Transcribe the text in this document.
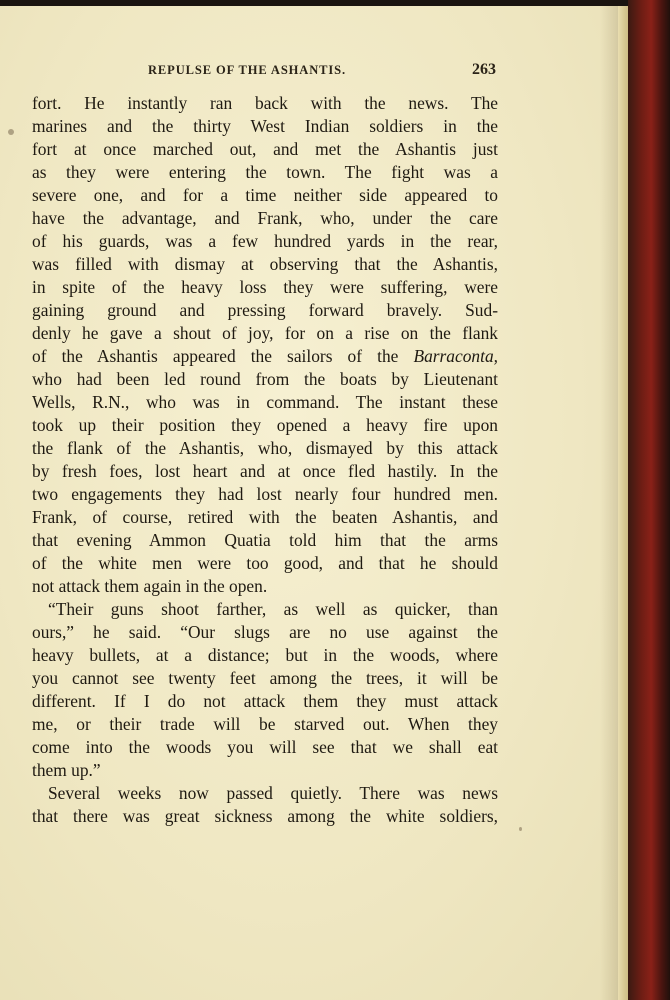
REPULSE OF THE ASHANTIS.	263
fort. He instantly ran back with the news. The
marines and the thirty West Indian soldiers in the
fort at once marched out, and met the Ashantis just
as they were entering the town. The fight was a
severe one, and for a time neither side appeared to
have the advantage, and Frank, who, under the care
of his guards, was a few hundred yards in the rear,
was filled with dismay at observing that the Ashantis,
in spite of the heavy loss they were suffering, were
gaining ground and pressing forward bravely. Sud-
denly he gave a shout of joy, for on a rise on the flank
of the Ashantis appeared the sailors of the Barraconta,
who had been led round from the boats by Lieutenant
Wells, R.N., who was in command. The instant these
took up their position they opened a heavy fire upon
the flank of the Ashantis, who, dismayed by this attack
by fresh foes, lost heart and at once fled hastily. In the
two engagements they had lost nearly four hundred men.
Frank, of course, retired with the beaten Ashantis, and
that evening Ammon Quatia told him that the arms
of the white men were too good, and that he should
not attack them again in the open.
“Their guns shoot farther, as well as quicker, than
ours,” he said. “Our slugs are no use against the
heavy bullets, at a distance; but in the woods, where
you cannot see twenty feet among the trees, it will be
different. If I do not attack them they must attack
me, or their trade will be starved out. When they
come into the woods you will see that we shall eat
them up.”
Several weeks now passed quietly. There was news
that there was great sickness among the white soldiers,
